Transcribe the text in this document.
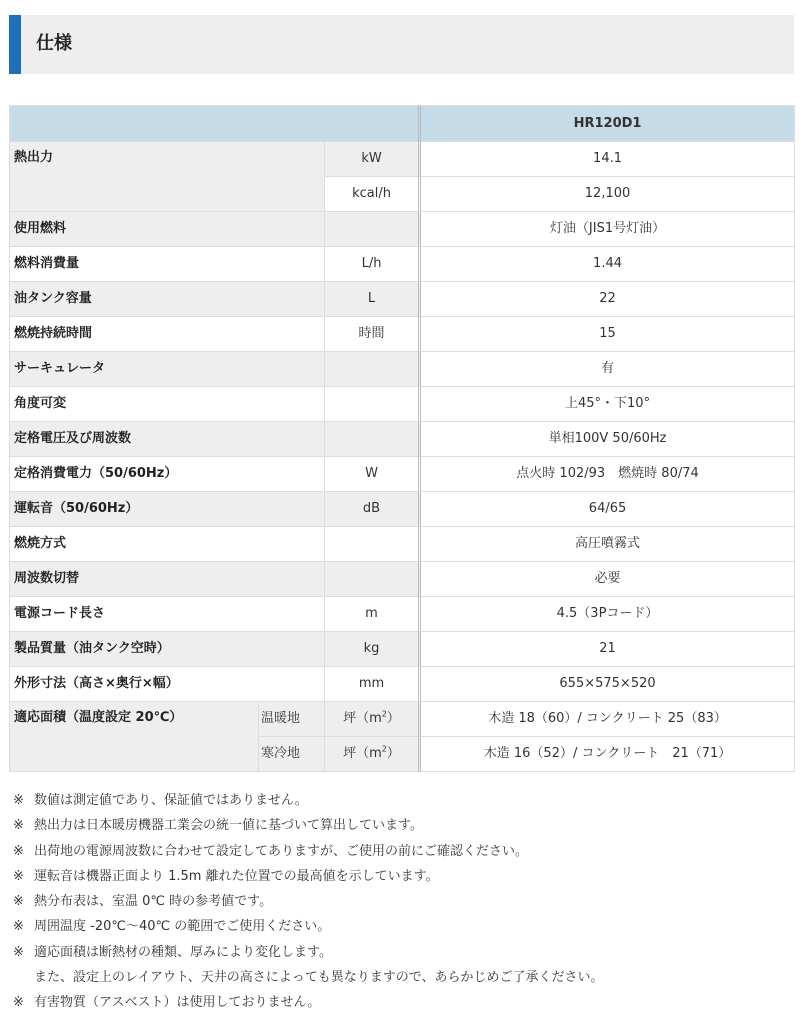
仕様
			HR120D1
熱出力		kW	14.1
		kcal/h	12,100
使用燃料			灯油（JIS1号灯油）
燃料消費量		L/h	1.44
油タンク容量		L	22
燃焼持続時間		時間	15
サーキュレータ			有
角度可変			上45°・下10°
定格電圧及び周波数			単相100V 50/60Hz
定格消費電力（50/60Hz）		W	点火時 102/93　燃焼時 80/74
運転音（50/60Hz）		dB	64/65
燃焼方式			高圧噴霧式
周波数切替			必要
電源コード長さ		m	4.5（3Pコード）
製品質量（油タンク空時）		kg	21
外形寸法（高さ×奥行×幅）		mm	655×575×520
適応面積（温度設定 20℃）	温暖地	坪$(m^2)$	木造 18（60）/ コンクリート 25（83）
	寒冷地	坪$(m^2)$	木造 16（52）/ コンクリート　21（71）
※ 数値は測定値であり、保証値ではありません。
※ 熱出力は日本暖房機器工業会の統一値に基づいて算出しています。
※ 出荷地の電源周波数に合わせて設定してありますが、ご使用の前にご確認ください。
※ 運転音は機器正面より 1.5m 離れた位置での最高値を示しています。
※ 熱分布表は、室温 0℃ 時の参考値です。
※ 周囲温度 -20℃～40℃ の範囲でご使用ください。
※ 適応面積は断熱材の種類、厚みにより変化します。
また、設定上のレイアウト、天井の高さによっても異なりますので、あらかじめご了承ください。
※ 有害物質（アスベスト）は使用しておりません。
